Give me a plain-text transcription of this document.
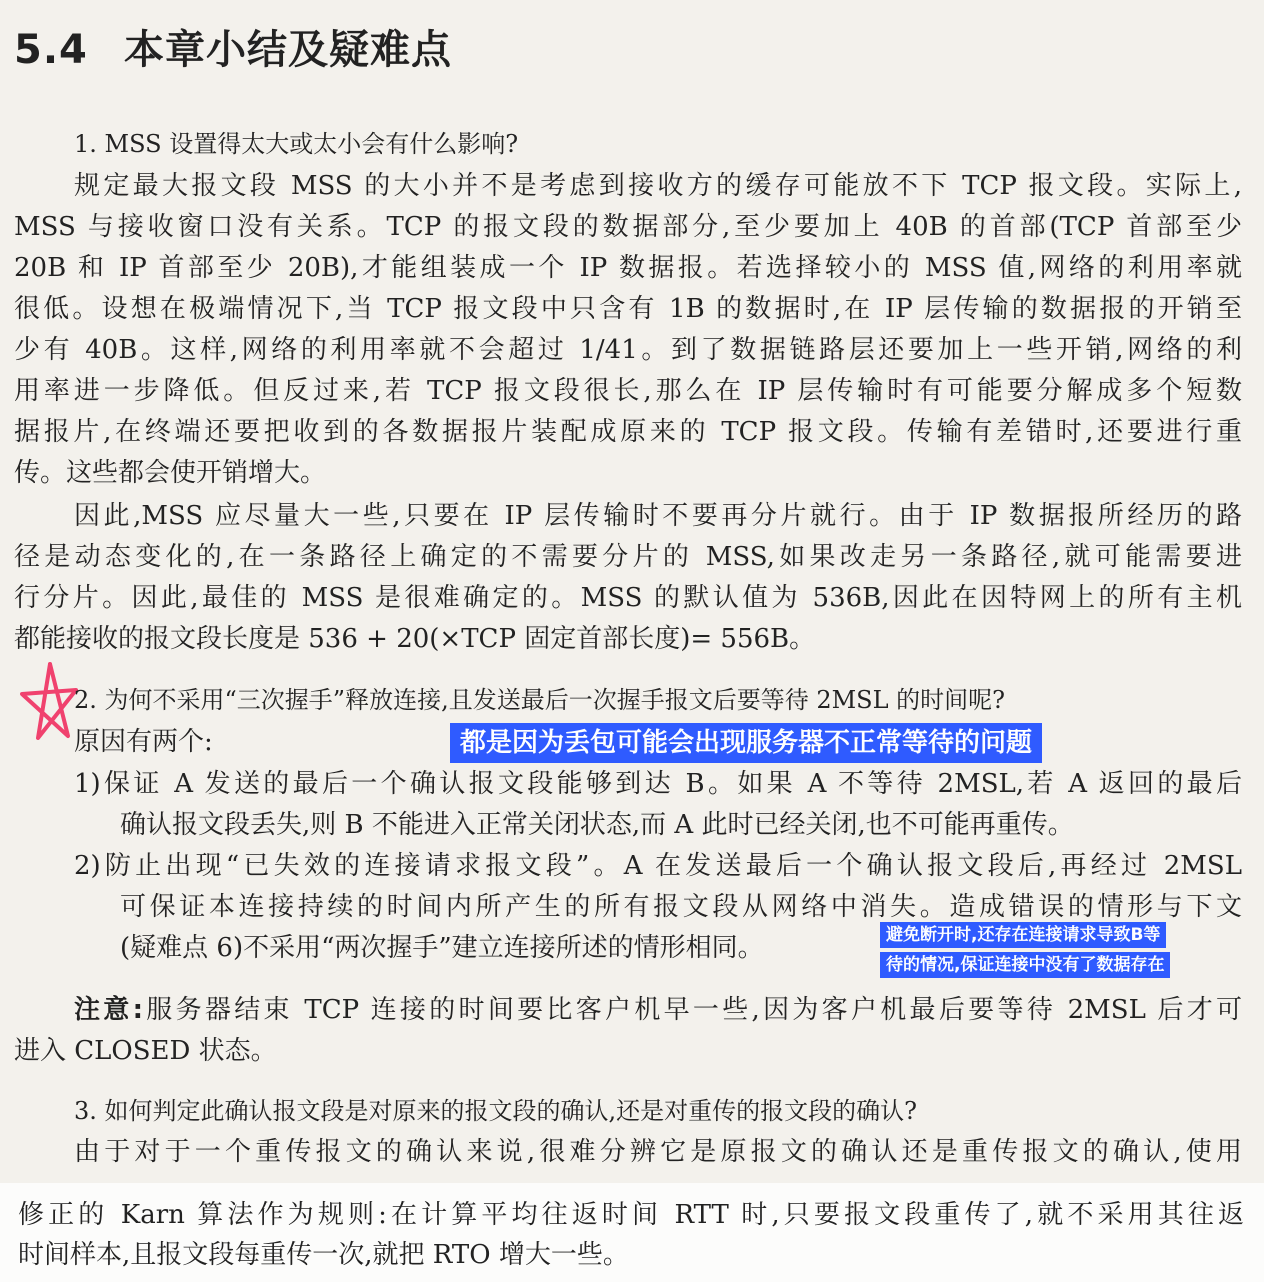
5.4 本章小结及疑难点
1. MSS 设置得太大或太小会有什么影响?
规定最大报文段 MSS 的大小并不是考虑到接收方的缓存可能放不下 TCP 报文段。实际上,
MSS 与接收窗口没有关系。TCP 的报文段的数据部分,至少要加上 40B 的首部(TCP 首部至少
20B 和 IP 首部至少 20B),才能组装成一个 IP 数据报。若选择较小的 MSS 值,网络的利用率就
很低。设想在极端情况下,当 TCP 报文段中只含有 1B 的数据时,在 IP 层传输的数据报的开销至
少有 40B。这样,网络的利用率就不会超过 1/41。到了数据链路层还要加上一些开销,网络的利
用率进一步降低。但反过来,若 TCP 报文段很长,那么在 IP 层传输时有可能要分解成多个短数
据报片,在终端还要把收到的各数据报片装配成原来的 TCP 报文段。传输有差错时,还要进行重
传。这些都会使开销增大。
因此,MSS 应尽量大一些,只要在 IP 层传输时不要再分片就行。由于 IP 数据报所经历的路
径是动态变化的,在一条路径上确定的不需要分片的 MSS,如果改走另一条路径,就可能需要进
行分片。因此,最佳的 MSS 是很难确定的。MSS 的默认值为 536B,因此在因特网上的所有主机
都能接收的报文段长度是 536 + 20(×TCP 固定首部长度)= 556B。
2. 为何不采用“三次握手”释放连接,且发送最后一次握手报文后要等待 2MSL 的时间呢?
原因有两个:	都是因为丢包可能会出现服务器不正常等待的问题
1)保证 A 发送的最后一个确认报文段能够到达 B。如果 A 不等待 2MSL,若 A 返回的最后
确认报文段丢失,则 B 不能进入正常关闭状态,而 A 此时已经关闭,也不可能再重传。
2)防止出现“已失效的连接请求报文段”。A 在发送最后一个确认报文段后,再经过 2MSL
可保证本连接持续的时间内所产生的所有报文段从网络中消失。造成错误的情形与下文
(疑难点 6)不采用“两次握手”建立连接所述的情形相同。	避免断开时,还存在连接请求导致B等
待的情况,保证连接中没有了数据存在
注意:服务器结束 TCP 连接的时间要比客户机早一些,因为客户机最后要等待 2MSL 后才可
进入 CLOSED 状态。
3. 如何判定此确认报文段是对原来的报文段的确认,还是对重传的报文段的确认?
由于对于一个重传报文的确认来说,很难分辨它是原报文的确认还是重传报文的确认,使用
修正的 Karn 算法作为规则:在计算平均往返时间 RTT 时,只要报文段重传了,就不采用其往返
时间样本,且报文段每重传一次,就把 RTO 增大一些。
